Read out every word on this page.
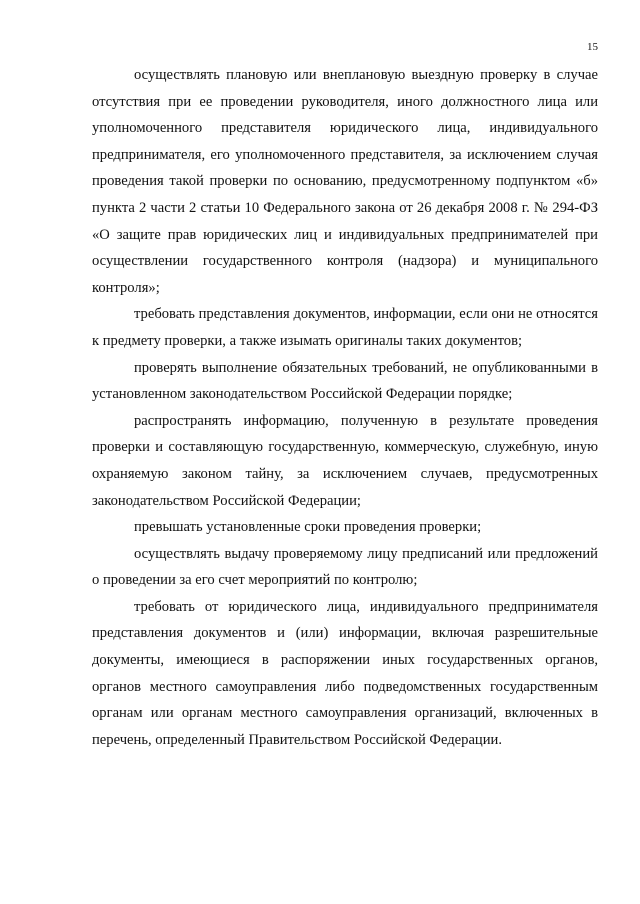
15

осуществлять плановую или внеплановую выездную проверку в случае отсутствия при ее проведении руководителя, иного должностного лица или уполномоченного представителя юридического лица, индивидуального предпринимателя, его уполномоченного представителя, за исключением случая проведения такой проверки по основанию, предусмотренному подпунктом «б» пункта 2 части 2 статьи 10 Федерального закона от 26 декабря 2008 г. № 294-ФЗ «О защите прав юридических лиц и индивидуальных предпринимателей при осуществлении государственного контроля (надзора) и муниципального контроля»;

требовать представления документов, информации, если они не относятся к предмету проверки, а также изымать оригиналы таких документов;

проверять выполнение обязательных требований, не опубликованными в установленном законодательством Российской Федерации порядке;

распространять информацию, полученную в результате проведения проверки и составляющую государственную, коммерческую, служебную, иную охраняемую законом тайну, за исключением случаев, предусмотренных законодательством Российской Федерации;

превышать установленные сроки проведения проверки;

осуществлять выдачу проверяемому лицу предписаний или предложений о проведении за его счет мероприятий по контролю;

требовать от юридического лица, индивидуального предпринимателя представления документов и (или) информации, включая разрешительные документы, имеющиеся в распоряжении иных государственных органов, органов местного самоуправления либо подведомственных государственным органам или органам местного самоуправления организаций, включенных в перечень, определенный Правительством Российской Федерации.
